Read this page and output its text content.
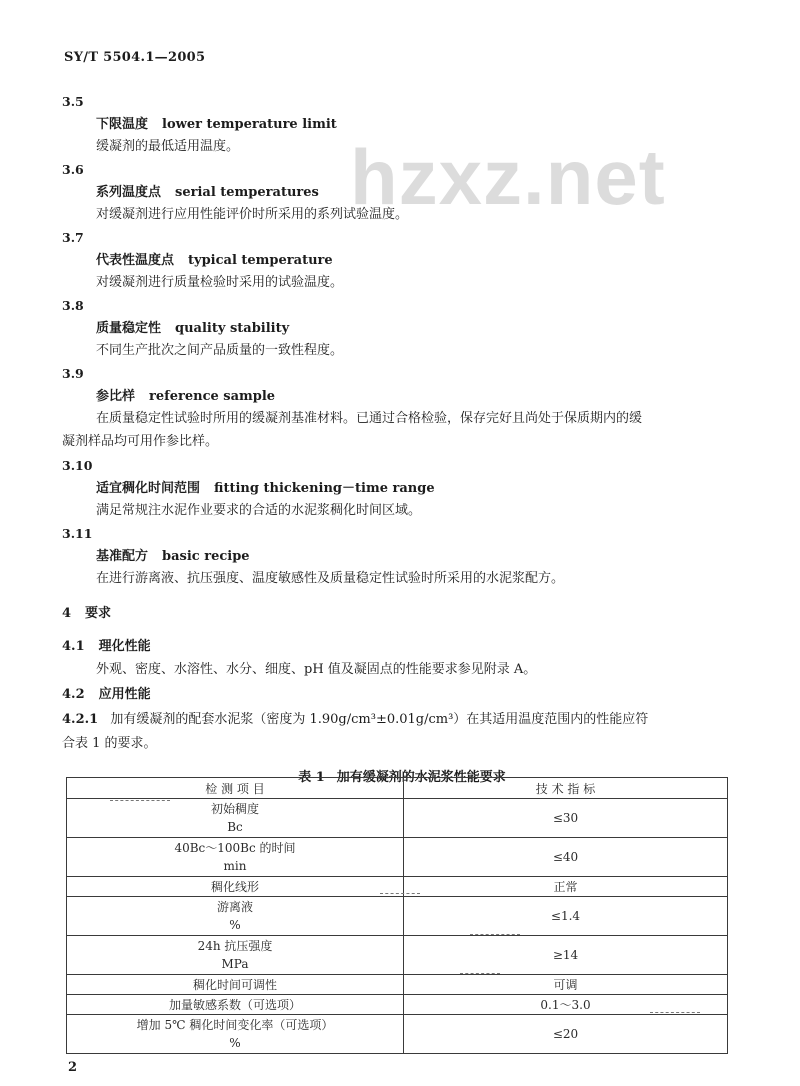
SY/T 5504.1—2005
hzxz.net
3.5
下限温度 lower temperature limit
缓凝剂的最低适用温度。
3.6
系列温度点 serial temperatures
对缓凝剂进行应用性能评价时所采用的系列试验温度。
3.7
代表性温度点 typical temperature
对缓凝剂进行质量检验时采用的试验温度。
3.8
质量稳定性 quality stability
不同生产批次之间产品质量的一致性程度。
3.9
参比样 reference sample
在质量稳定性试验时所用的缓凝剂基准材料。已通过合格检验，保存完好且尚处于保质期内的缓
凝剂样品均可用作参比样。
3.10
适宜稠化时间范围 fitting thickening－time range
满足常规注水泥作业要求的合适的水泥浆稠化时间区域。
3.11
基准配方 basic recipe
在进行游离液、抗压强度、温度敏感性及质量稳定性试验时所采用的水泥浆配方。
4 要求
4.1 理化性能
外观、密度、水溶性、水分、细度、pH 值及凝固点的性能要求参见附录 A。
4.2 应用性能
4.2.1 加有缓凝剂的配套水泥浆（密度为 1.90g/cm³±0.01g/cm³）在其适用温度范围内的性能应符
合表 1 的要求。
表 1 加有缓凝剂的水泥浆性能要求
检 测 项 目	技 术 指 标

初始稠度
Bc	≤30

40Bc～100Bc 的时间
min	≤40
稠化线形	正常

游离液
%	≤1.4

24h 抗压强度
MPa	≥14
稠化时间可调性	可调
加量敏感系数（可选项）	0.1～3.0

增加 5℃ 稠化时间变化率（可选项）
%	≤20
2
